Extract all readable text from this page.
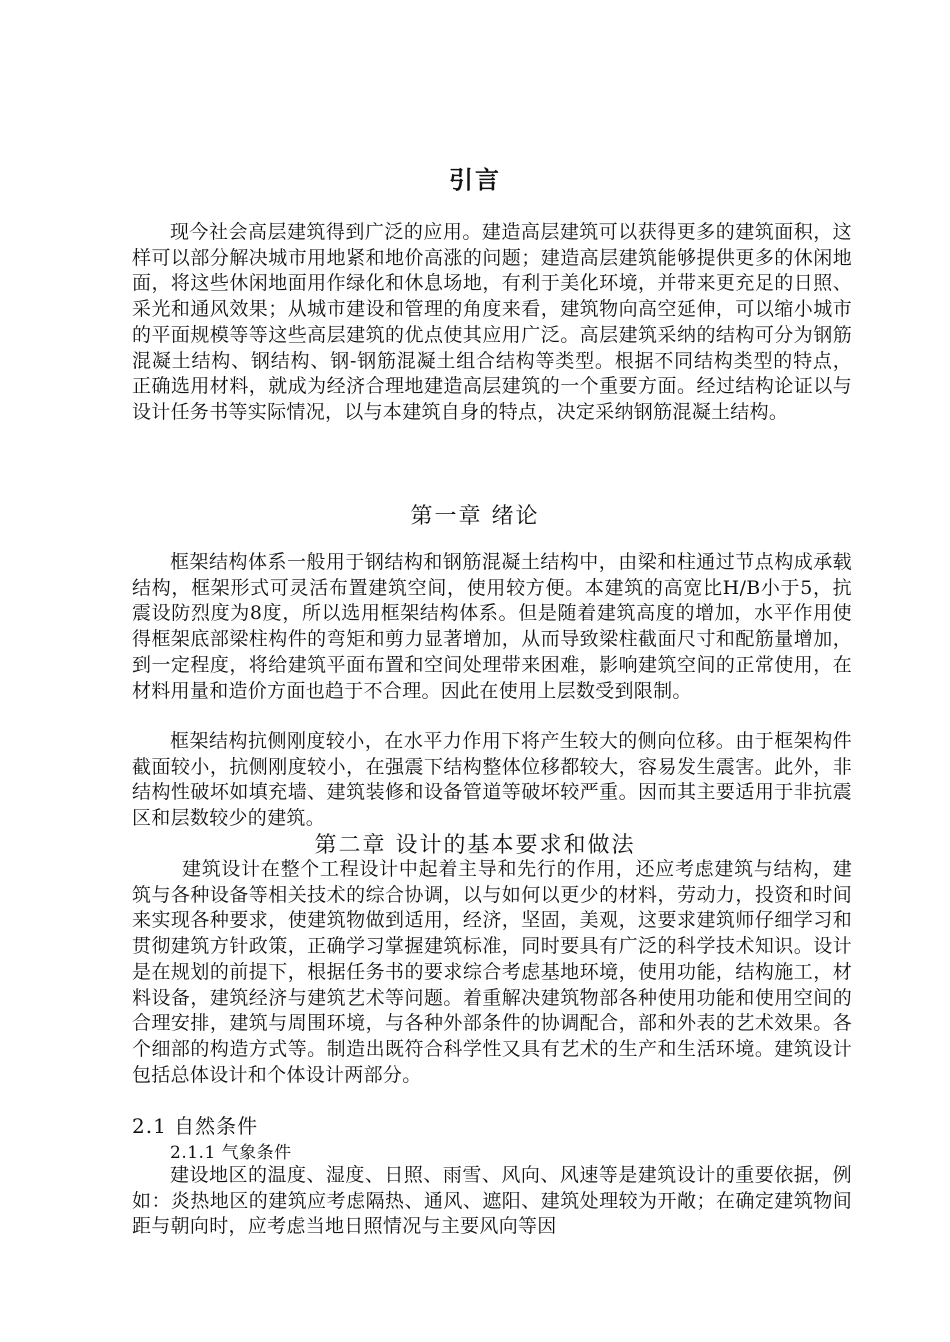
引言
现今社会高层建筑得到广泛的应用。建造高层建筑可以获得更多的建筑面积，这样可以部分解决城市用地紧和地价高涨的问题；建造高层建筑能够提供更多的休闲地面，将这些休闲地面用作绿化和休息场地，有利于美化环境，并带来更充足的日照、采光和通风效果；从城市建设和管理的角度来看，建筑物向高空延伸，可以缩小城市的平面规模等等这些高层建筑的优点使其应用广泛。高层建筑采纳的结构可分为钢筋混凝土结构、钢结构、钢-钢筋混凝土组合结构等类型。根据不同结构类型的特点，正确选用材料，就成为经济合理地建造高层建筑的一个重要方面。经过结构论证以与设计任务书等实际情况，以与本建筑自身的特点，决定采纳钢筋混凝土结构。
第一章 绪论
框架结构体系一般用于钢结构和钢筋混凝土结构中，由梁和柱通过节点构成承载结构，框架形式可灵活布置建筑空间，使用较方便。本建筑的高宽比H/B小于5，抗震设防烈度为8度，所以选用框架结构体系。但是随着建筑高度的增加，水平作用使得框架底部梁柱构件的弯矩和剪力显著增加，从而导致梁柱截面尺寸和配筋量增加，到一定程度，将给建筑平面布置和空间处理带来困难，影响建筑空间的正常使用，在材料用量和造价方面也趋于不合理。因此在使用上层数受到限制。
框架结构抗侧刚度较小，在水平力作用下将产生较大的侧向位移。由于框架构件截面较小，抗侧刚度较小，在强震下结构整体位移都较大，容易发生震害。此外，非结构性破坏如填充墙、建筑装修和设备管道等破坏较严重。因而其主要适用于非抗震区和层数较少的建筑。
第二章 设计的基本要求和做法
建筑设计在整个工程设计中起着主导和先行的作用，还应考虑建筑与结构，建筑与各种设备等相关技术的综合协调，以与如何以更少的材料，劳动力，投资和时间来实现各种要求，使建筑物做到适用，经济，坚固，美观，这要求建筑师仔细学习和贯彻建筑方针政策，正确学习掌握建筑标准，同时要具有广泛的科学技术知识。设计是在规划的前提下，根据任务书的要求综合考虑基地环境，使用功能，结构施工，材料设备，建筑经济与建筑艺术等问题。着重解决建筑物部各种使用功能和使用空间的合理安排，建筑与周围环境，与各种外部条件的协调配合，部和外表的艺术效果。各个细部的构造方式等。制造出既符合科学性又具有艺术的生产和生活环境。建筑设计包括总体设计和个体设计两部分。
2.1 自然条件
2.1.1 气象条件
建设地区的温度、湿度、日照、雨雪、风向、风速等是建筑设计的重要依据，例如：炎热地区的建筑应考虑隔热、通风、遮阳、建筑处理较为开敞；在确定建筑物间距与朝向时，应考虑当地日照情况与主要风向等因
